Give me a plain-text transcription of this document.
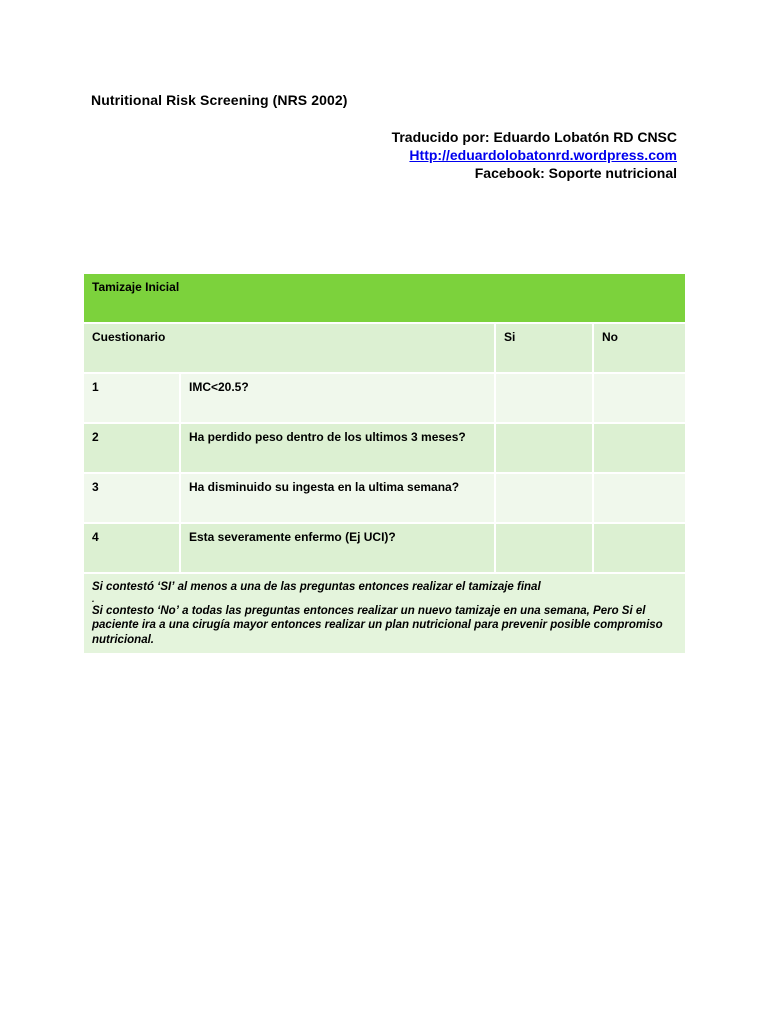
Nutritional Risk Screening (NRS 2002)
Traducido por: Eduardo Lobatón RD CNSC
Http://eduardolobatonrd.wordpress.com
Facebook: Soporte nutricional
Tamizaje Inicial			
Cuestionario		Si	No
1	IMC<20.5?		
2	Ha perdido peso dentro de los ultimos 3 meses?		
3	Ha disminuido su ingesta en la ultima semana?		
4	Esta severamente enfermo (Ej UCI)?		
Si contestó ‘SI’ al menos a una de las preguntas entonces realizar el tamizaje final
.
Si contesto ‘No’ a todas las preguntas entonces realizar un nuevo tamizaje en una semana, Pero Si el paciente ira a una cirugía mayor entonces realizar un plan nutricional para prevenir posible compromiso nutricional.			
